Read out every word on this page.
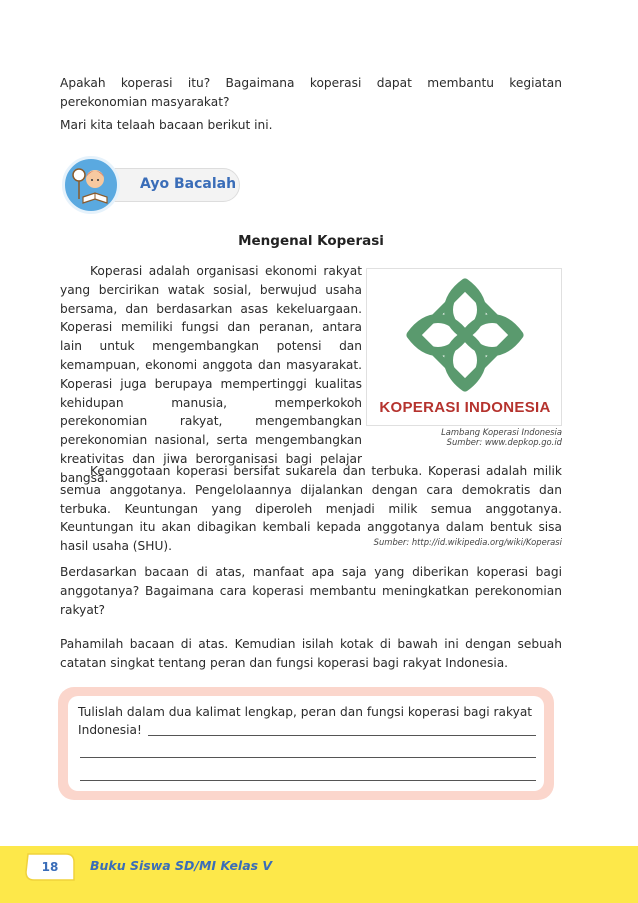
Apakah koperasi itu? Bagaimana koperasi dapat membantu kegiatan perekonomian masyarakat?

Mari kita telaah bacaan berikut ini.

Ayo Bacalah
Mengenal Koperasi

Koperasi adalah organisasi ekonomi rakyat yang bercirikan watak sosial, berwujud usaha bersama, dan berdasarkan asas kekeluargaan. Koperasi memiliki fungsi dan peranan, antara lain untuk mengembangkan potensi dan kemampuan, ekonomi anggota dan masyarakat. Koperasi juga berupaya mempertinggi kualitas kehidupan manusia, memperkokoh perekonomian rakyat, mengembangkan perekonomian nasional, serta mengembangkan kreativitas dan jiwa berorganisasi bagi pelajar bangsa.

KOPERASI INDONESIA
Lambang Koperasi Indonesia
Sumber: www.depkop.go.id

Keanggotaan koperasi bersifat sukarela dan terbuka. Koperasi adalah milik semua anggotanya. Pengelolaannya dijalankan dengan cara demokratis dan terbuka. Keuntungan yang diperoleh menjadi milik semua anggotanya. Keuntungan itu akan dibagikan kembali kepada anggotanya dalam bentuk sisa hasil usaha (SHU).	Sumber: http://id.wikipedia.org/wiki/Koperasi

Berdasarkan bacaan di atas, manfaat apa saja yang diberikan koperasi bagi anggotanya? Bagaimana cara koperasi membantu meningkatkan perekonomian rakyat?

Pahamilah bacaan di atas. Kemudian isilah kotak di bawah ini dengan sebuah catatan singkat tentang peran dan fungsi koperasi bagi rakyat Indonesia.

Tulislah dalam dua kalimat lengkap, peran dan fungsi koperasi bagi rakyat Indonesia!

18	Buku Siswa SD/MI Kelas V
